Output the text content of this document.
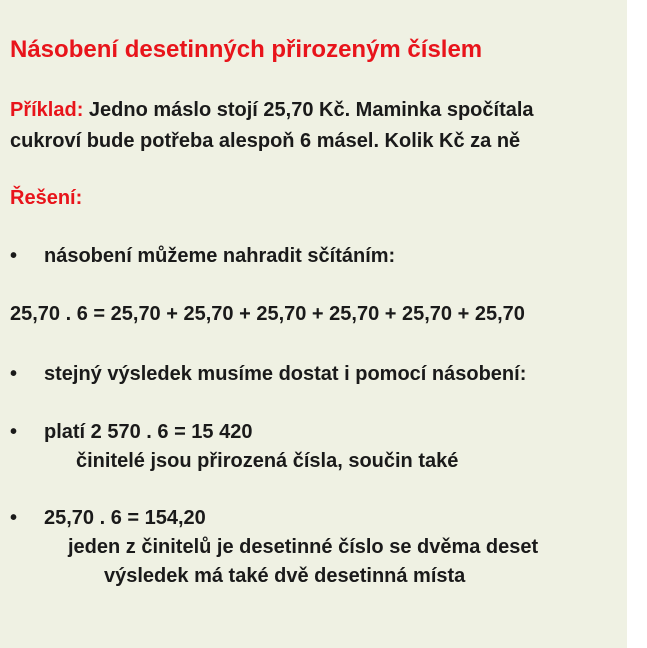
Násobení desetinných přirozeným číslem
Příklad: Jedno máslo stojí 25,70 Kč. Maminka spočítala
cukroví bude potřeba alespoň 6 másel. Kolik Kč za ně
Řešení:
• násobení můžeme nahradit sčítáním:
25,70 . 6 = 25,70 + 25,70 + 25,70 + 25,70 + 25,70 + 25,70
• stejný výsledek musíme dostat i pomocí násobení:
• platí 2 570 . 6 = 15 420
činitelé jsou přirozená čísla, součin také
• 25,70 . 6 = 154,20
jeden z činitelů je desetinné číslo se dvěma deset
výsledek má také dvě desetinná místa
